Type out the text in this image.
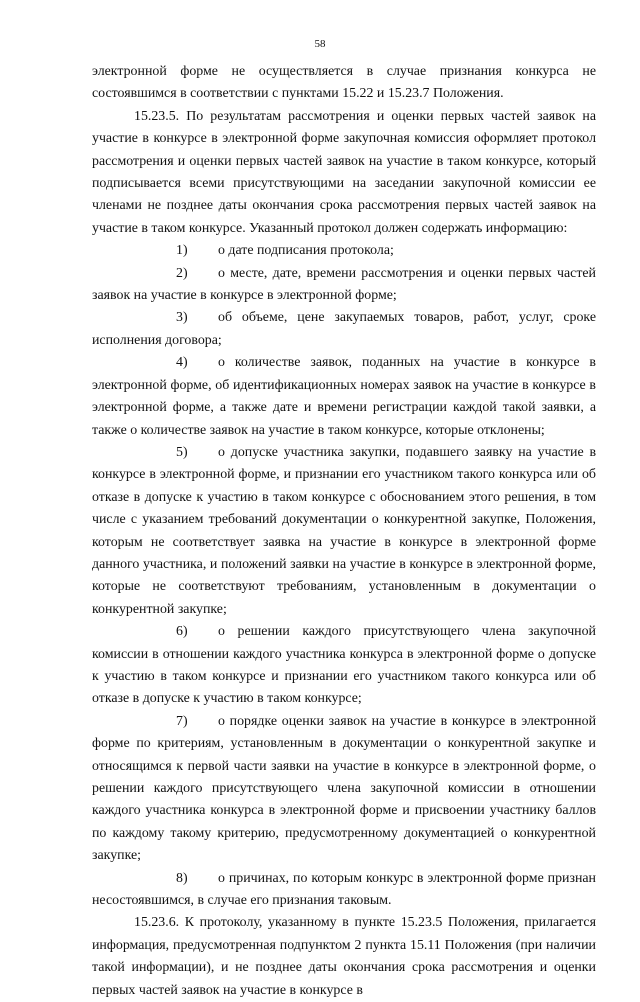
58

электронной форме не осуществляется в случае признания конкурса не состоявшимся в соответствии с пунктами 15.22 и 15.23.7 Положения.

15.23.5. По результатам рассмотрения и оценки первых частей заявок на участие в конкурсе в электронной форме закупочная комиссия оформляет протокол рассмотрения и оценки первых частей заявок на участие в таком конкурсе, который подписывается всеми присутствующими на заседании закупочной комиссии ее членами не позднее даты окончания срока рассмотрения первых частей заявок на участие в таком конкурсе. Указанный протокол должен содержать информацию:

1) о дате подписания протокола;

2) о месте, дате, времени рассмотрения и оценки первых частей заявок на участие в конкурсе в электронной форме;

3) об объеме, цене закупаемых товаров, работ, услуг, сроке исполнения договора;

4) о количестве заявок, поданных на участие в конкурсе в электронной форме, об идентификационных номерах заявок на участие в конкурсе в электронной форме, а также дате и времени регистрации каждой такой заявки, а также о количестве заявок на участие в таком конкурсе, которые отклонены;

5) о допуске участника закупки, подавшего заявку на участие в конкурсе в электронной форме, и признании его участником такого конкурса или об отказе в допуске к участию в таком конкурсе с обоснованием этого решения, в том числе с указанием требований документации о конкурентной закупке, Положения, которым не соответствует заявка на участие в конкурсе в электронной форме данного участника, и положений заявки на участие в конкурсе в электронной форме, которые не соответствуют требованиям, установленным в документации о конкурентной закупке;

6) о решении каждого присутствующего члена закупочной комиссии в отношении каждого участника конкурса в электронной форме о допуске к участию в таком конкурсе и признании его участником такого конкурса или об отказе в допуске к участию в таком конкурсе;

7) о порядке оценки заявок на участие в конкурсе в электронной форме по критериям, установленным в документации о конкурентной закупке и относящимся к первой части заявки на участие в конкурсе в электронной форме, о решении каждого присутствующего члена закупочной комиссии в отношении каждого участника конкурса в электронной форме и присвоении участнику баллов по каждому такому критерию, предусмотренному документацией о конкурентной закупке;

8) о причинах, по которым конкурс в электронной форме признан несостоявшимся, в случае его признания таковым.

15.23.6. К протоколу, указанному в пункте 15.23.5 Положения, прилагается информация, предусмотренная подпунктом 2 пункта 15.11 Положения (при наличии такой информации), и не позднее даты окончания срока рассмотрения и оценки первых частей заявок на участие в конкурсе в
